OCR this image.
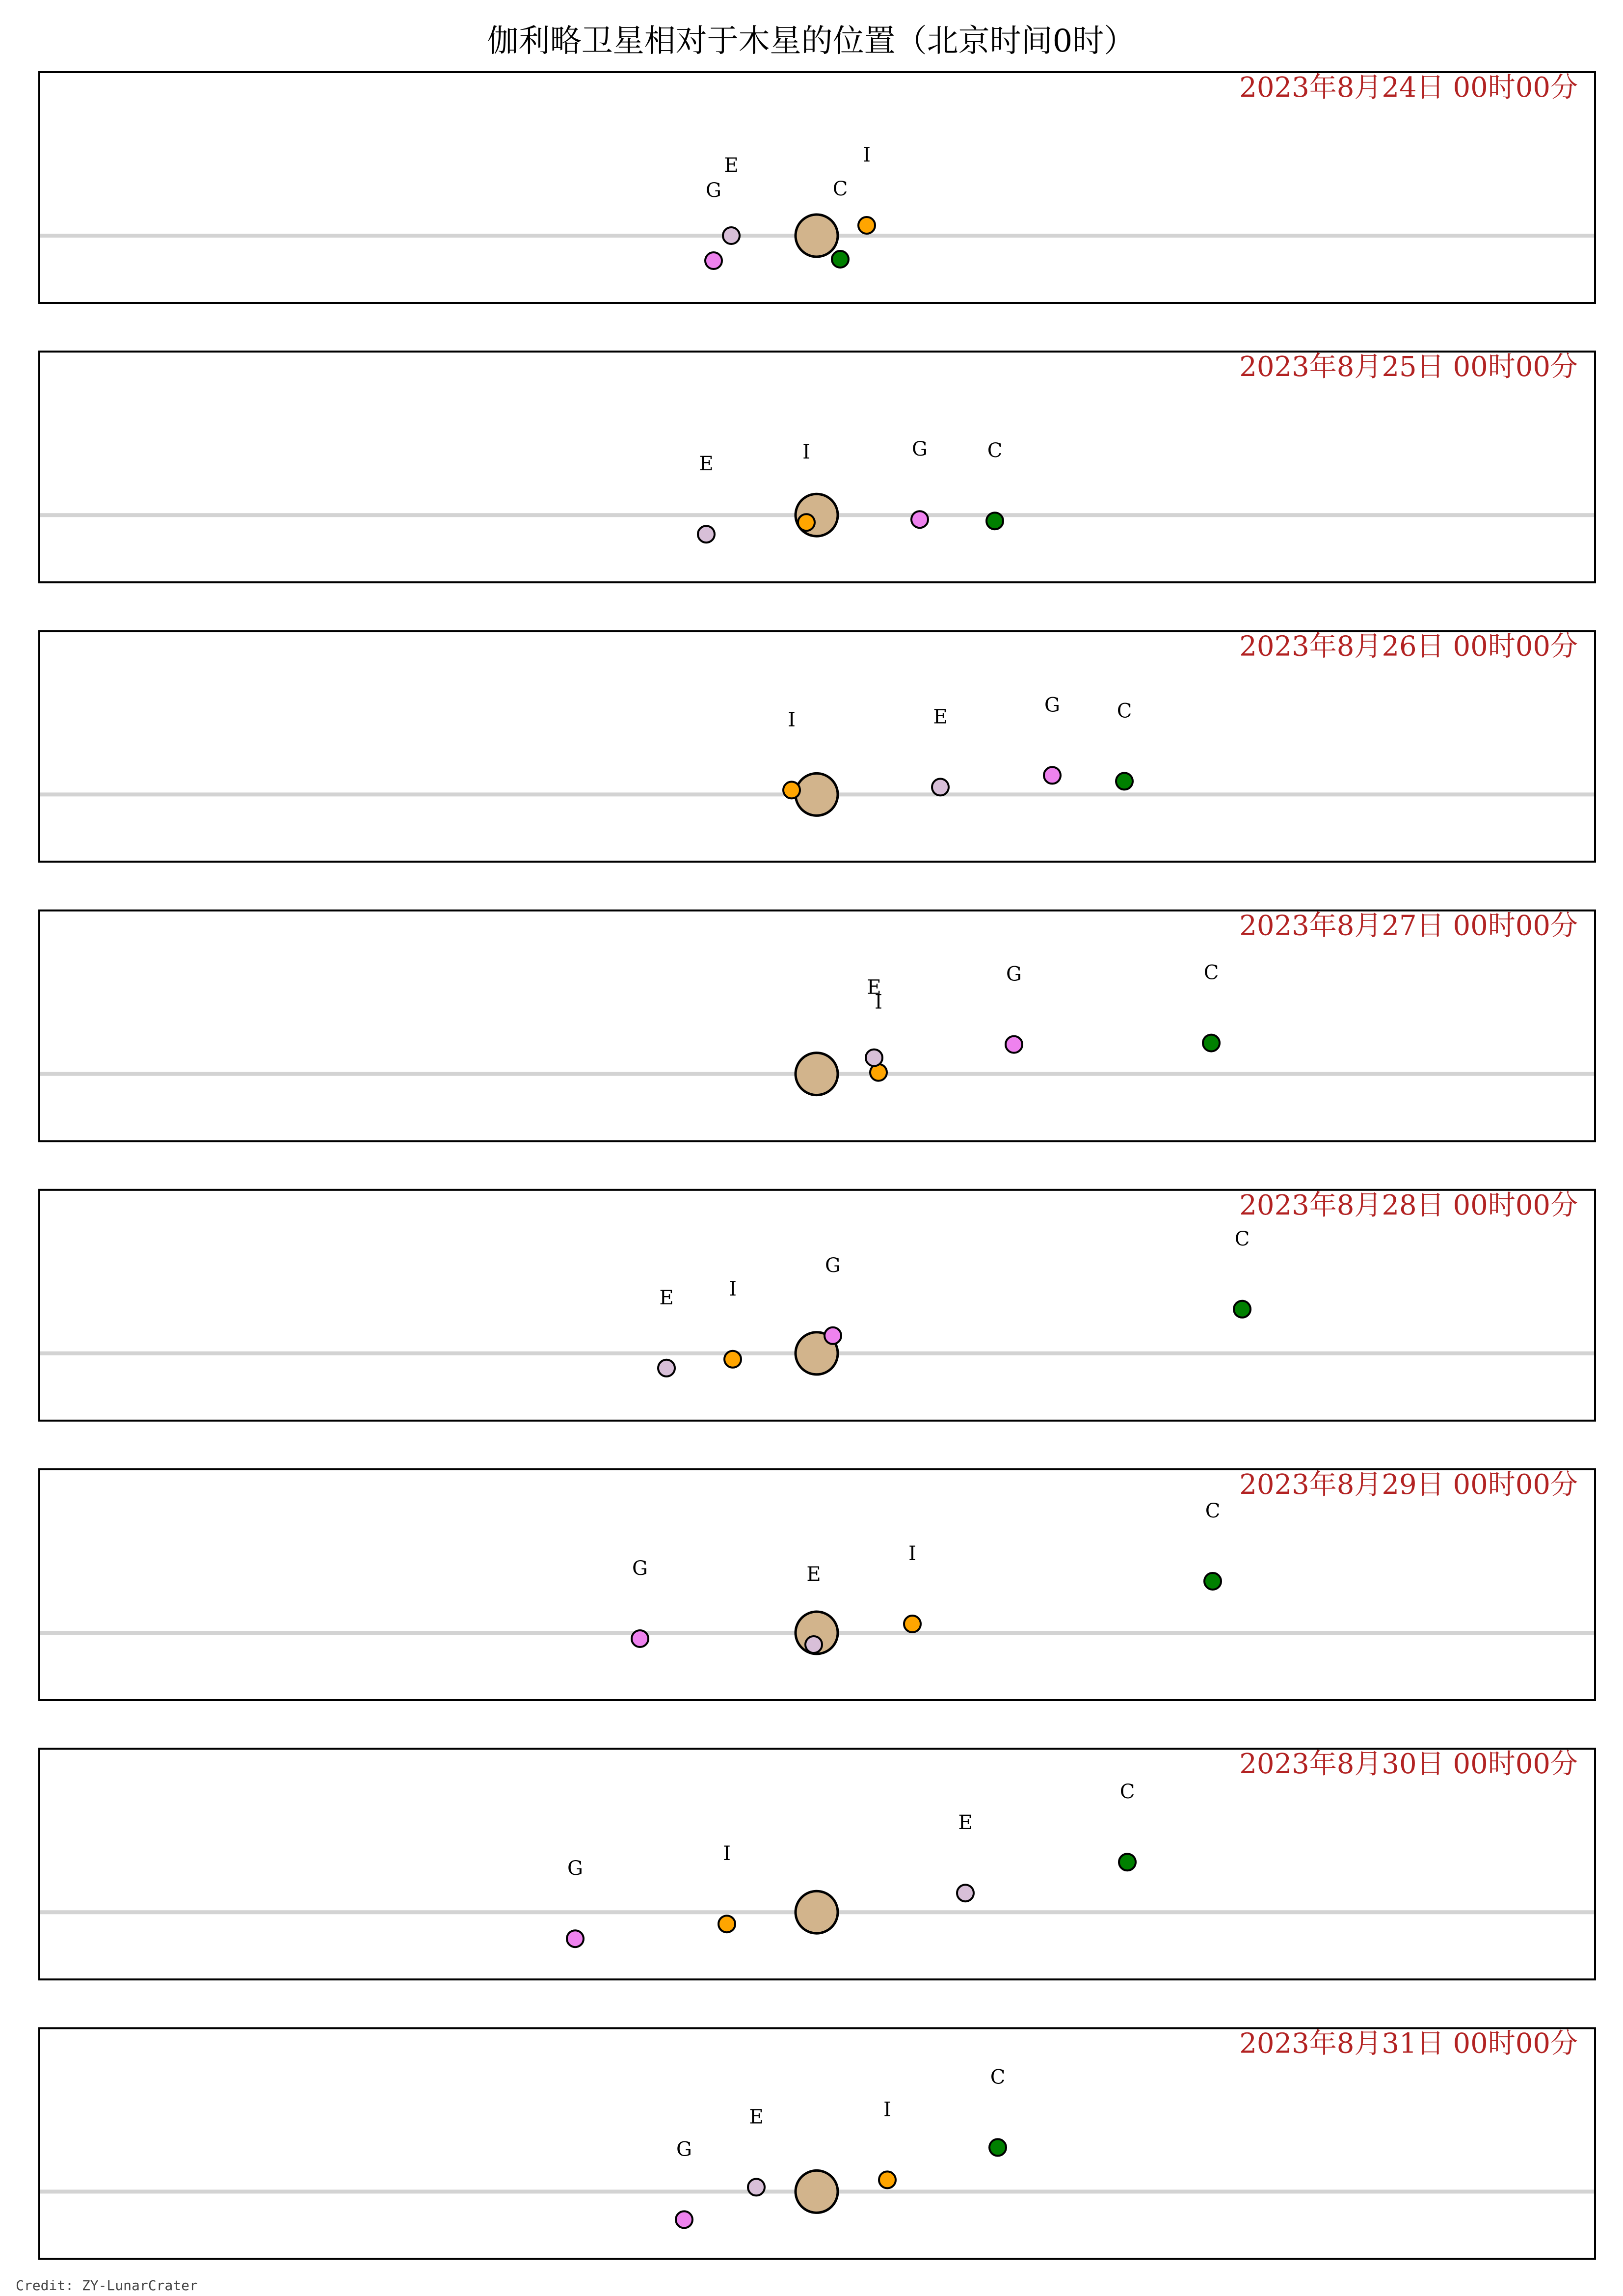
伽利略卫星相对于木星的位置（北京时间0时）
I
E
G	C
2023年8月24日 00时00分
I
E
G	C
2023年8月25日 00时00分
I	E
G	C
2023年8月26日 00时00分
I
E
G	C
2023年8月27日 00时00分
I
E
G
C
2023年8月28日 00时00分
I
E
G
C
2023年8月29日 00时00分
I
E
G
C
2023年8月30日 00时00分
I
E
G
C
2023年8月31日 00时00分
Credit: ZY-LunarCrater
